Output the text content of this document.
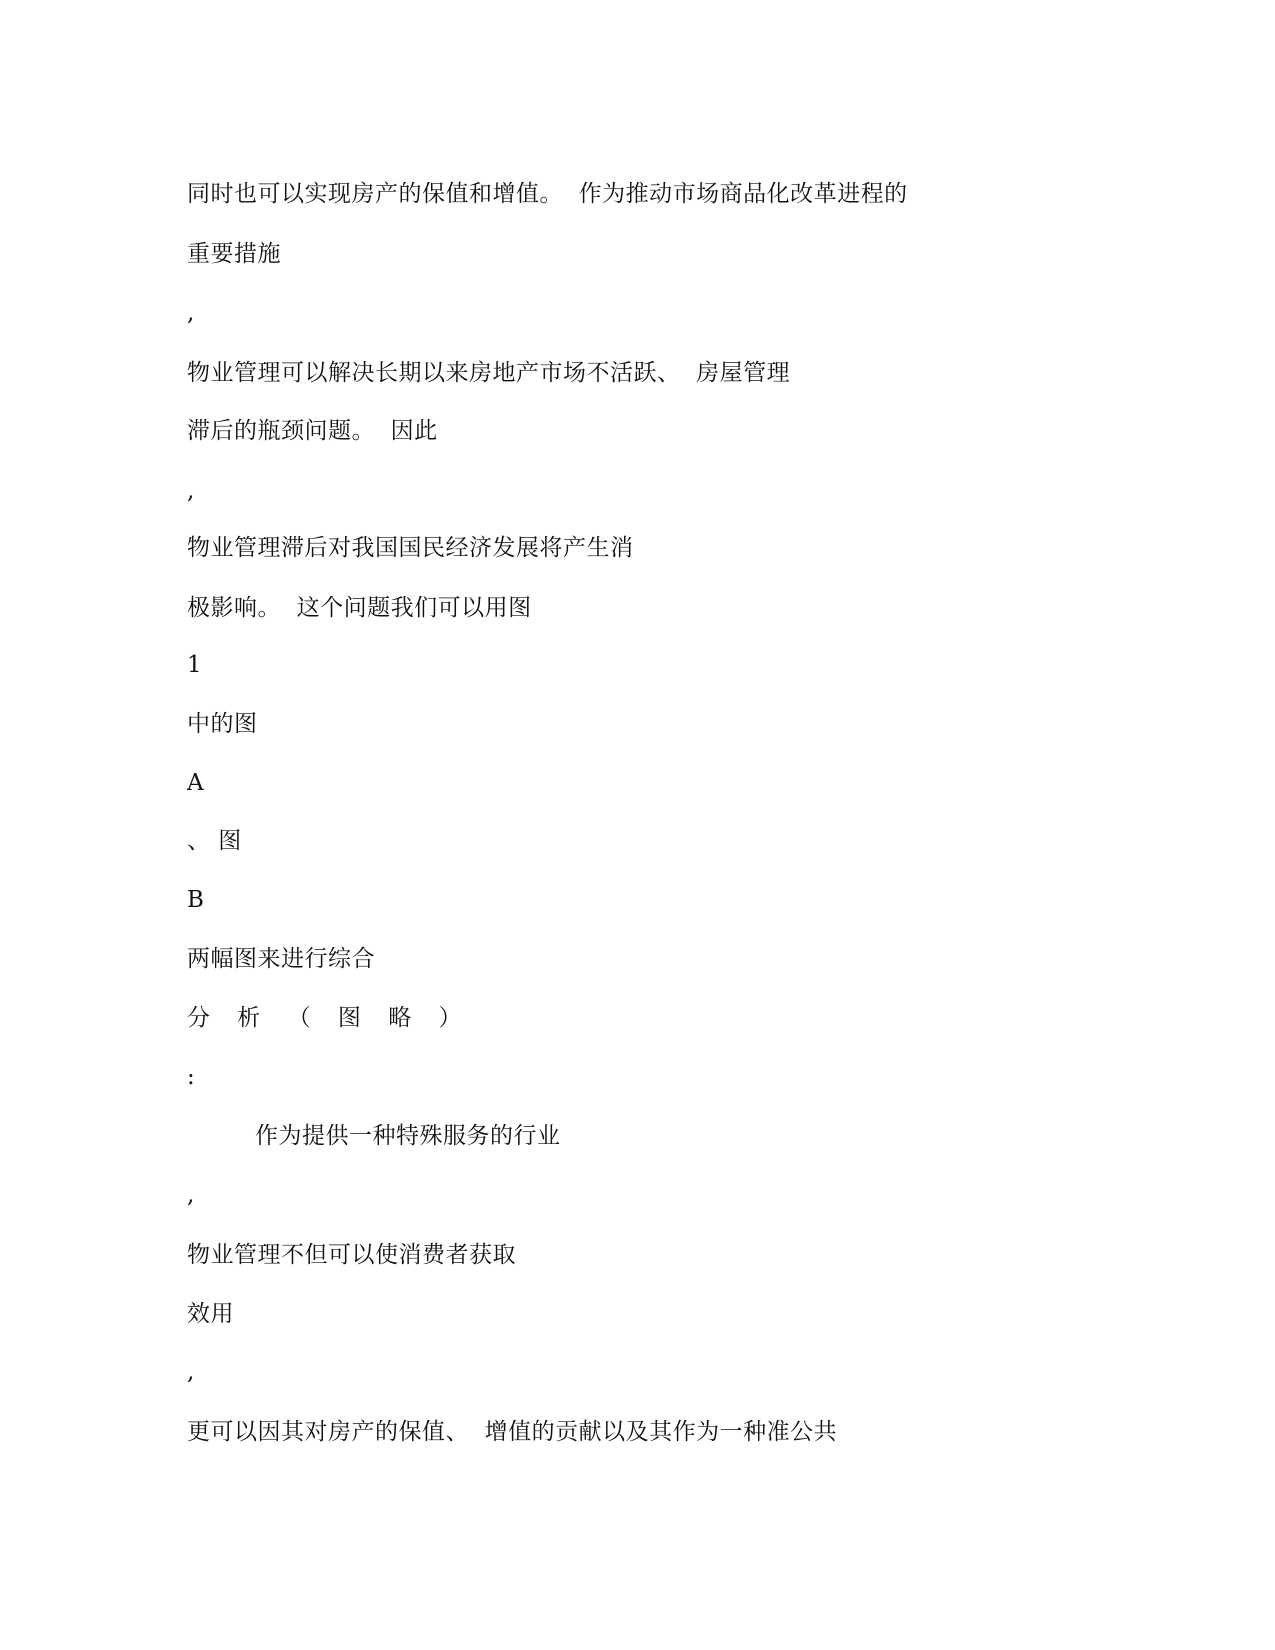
同时也可以实现房产的保值和增值。  作为推动市场商品化改革进程的
重要措施
,
物业管理可以解决长期以来房地产市场不活跃、  房屋管理
滞后的瓶颈问题。  因此
,
物业管理滞后对我国国民经济发展将产生消
极影响。  这个问题我们可以用图
1
中的图
A
、 图
B
两幅图来进行综合
分 析 （ 图 略 ）
:
作为提供一种特殊服务的行业
,
物业管理不但可以使消费者获取
效用
,
更可以因其对房产的保值、  增值的贡献以及其作为一种准公共
